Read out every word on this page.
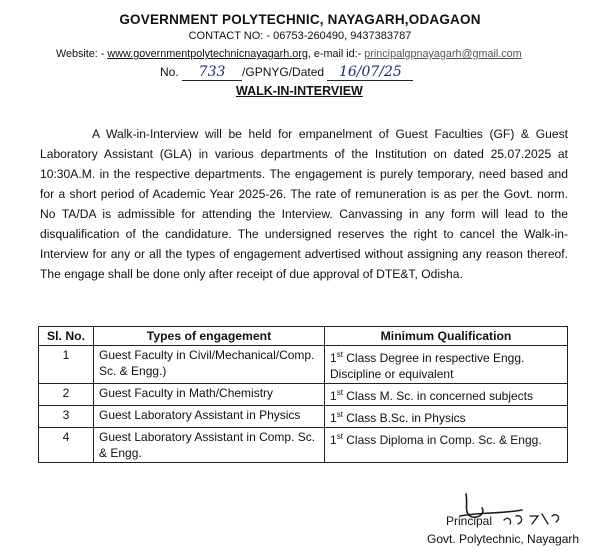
GOVERNMENT POLYTECHNIC, NAYAGARH,ODAGAON
CONTACT NO: - 06753-260490, 9437383787
Website: - www.governmentpolytechnicnayagarh.org, e-mail id:- principalgpnayagarh@gmail.com
No. 733 /GPNYG/Dated 16/07/25
WALK-IN-INTERVIEW
A Walk-in-Interview will be held for empanelment of Guest Faculties (GF) & Guest Laboratory Assistant (GLA) in various departments of the Institution on dated 25.07.2025 at 10:30A.M. in the respective departments. The engagement is purely temporary, need based and for a short period of Academic Year 2025-26. The rate of remuneration is as per the Govt. norm. No TA/DA is admissible for attending the Interview. Canvassing in any form will lead to the disqualification of the candidature. The undersigned reserves the right to cancel the Walk-in-Interview for any or all the types of engagement advertised without assigning any reason thereof. The engage shall be done only after receipt of due approval of DTE&T, Odisha.
Sl. No.	Types of engagement	Minimum Qualification
1	Guest Faculty in Civil/Mechanical/Comp. Sc. & Engg.)	1st Class Degree in respective Engg. Discipline or equivalent
2	Guest Faculty in Math/Chemistry	1st Class M. Sc. in concerned subjects
3	Guest Laboratory Assistant in Physics	1st Class B.Sc. in Physics
4	Guest Laboratory Assistant in Comp. Sc. & Engg.	1st Class Diploma in Comp. Sc. & Engg.
Principal
Govt. Polytechnic, Nayagarh
